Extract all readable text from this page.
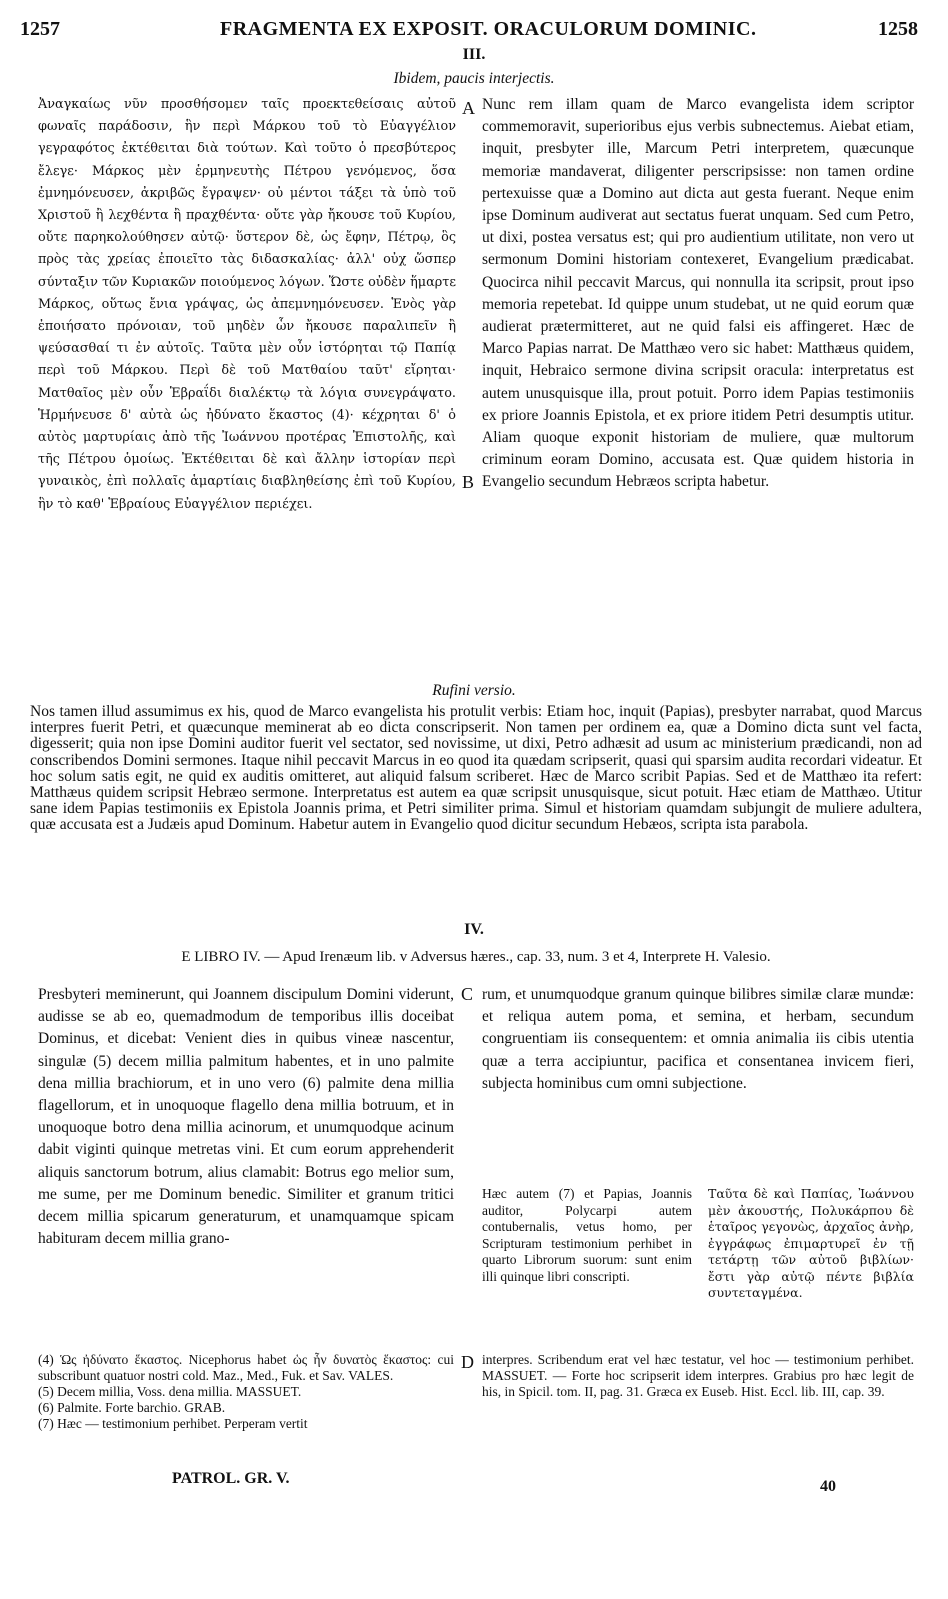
1257	FRAGMENTA EX EXPOSIT. ORACULORUM DOMINIC.	1258
III.
Ibidem, paucis interjectis.

Ἀναγκαίως νῦν προσθήσομεν ταῖς προεκτεθείσαις αὐτοῦ φωναῖς παράδοσιν, ἣν περὶ Μάρκου τοῦ τὸ Εὐαγγέλιον γεγραφότος ἐκτέθειται διὰ τούτων. Καὶ τοῦτο ὁ πρεσβύτερος ἔλεγε· Μάρκος μὲν ἑρμηνευτὴς Πέτρου γενόμενος, ὅσα ἐμνημόνευσεν, ἀκριβῶς ἔγραψεν· οὐ μέντοι τάξει τὰ ὑπὸ τοῦ Χριστοῦ ἢ λεχθέντα ἢ πραχθέντα· οὔτε γὰρ ἤκουσε τοῦ Κυρίου, οὔτε παρηκολούθησεν αὐτῷ· ὕστερον δὲ, ὡς ἔφην, Πέτρῳ, ὃς πρὸς τὰς χρείας ἐποιεῖτο τὰς διδασκαλίας· ἀλλ' οὐχ ὥσπερ σύνταξιν τῶν Κυριακῶν ποιούμενος λόγων. Ὥστε οὐδὲν ἥμαρτε Μάρκος, οὕτως ἔνια γράψας, ὡς ἀπεμνημόνευσεν. Ἑνὸς γὰρ ἐποιήσατο πρόνοιαν, τοῦ μηδὲν ὧν ἤκουσε παραλιπεῖν ἢ ψεύσασθαί τι ἐν αὐτοῖς. Ταῦτα μὲν οὖν ἱστόρηται τῷ Παπίᾳ περὶ τοῦ Μάρκου. Περὶ δὲ τοῦ Ματθαίου ταῦτ' εἴρηται· Ματθαῖος μὲν οὖν Ἑβραΐδι διαλέκτῳ τὰ λόγια συνεγράψατο. Ἡρμήνευσε δ' αὐτὰ ὡς ἠδύνατο ἕκαστος (4)· κέχρηται δ' ὁ αὐτὸς μαρτυρίαις ἀπὸ τῆς Ἰωάννου προτέρας Ἐπιστολῆς, καὶ τῆς Πέτρου ὁμοίως. Ἐκτέθειται δὲ καὶ ἄλλην ἱστορίαν περὶ γυναικὸς, ἐπὶ πολλαῖς ἁμαρτίαις διαβληθείσης ἐπὶ τοῦ Κυρίου, ἣν τὸ καθ' Ἑβραίους Εὐαγγέλιον περιέχει.

A
B

Nunc rem illam quam de Marco evangelista idem scriptor commemoravit, superioribus ejus verbis subnectemus. Aiebat etiam, inquit, presbyter ille, Marcum Petri interpretem, quæcunque memoriæ mandaverat, diligenter perscripsisse: non tamen ordine pertexuisse quæ a Domino aut dicta aut gesta fuerant. Neque enim ipse Dominum audiverat aut sectatus fuerat unquam. Sed cum Petro, ut dixi, postea versatus est; qui pro audientium utilitate, non vero ut sermonum Domini historiam contexeret, Evangelium prædicabat. Quocirca nihil peccavit Marcus, qui nonnulla ita scripsit, prout ipso memoria repetebat. Id quippe unum studebat, ut ne quid eorum quæ audierat prætermitteret, aut ne quid falsi eis affingeret. Hæc de Marco Papias narrat. De Matthæo vero sic habet: Matthæus quidem, inquit, Hebraico sermone divina scripsit oracula: interpretatus est autem unusquisque illa, prout potuit. Porro idem Papias testimoniis ex priore Joannis Epistola, et ex priore itidem Petri desumptis utitur. Aliam quoque exponit historiam de muliere, quæ multorum criminum eoram Domino, accusata est. Quæ quidem historia in Evangelio secundum Hebræos scripta habetur.

Rufini versio.
Nos tamen illud assumimus ex his, quod de Marco evangelista his protulit verbis: Etiam hoc, inquit (Papias), presbyter narrabat, quod Marcus interpres fuerit Petri, et quæcunque meminerat ab eo dicta conscripserit. Non tamen per ordinem ea, quæ a Domino dicta sunt vel facta, digesserit; quia non ipse Domini auditor fuerit vel sectator, sed novissime, ut dixi, Petro adhæsit ad usum ac ministerium prædicandi, non ad conscribendos Domini sermones. Itaque nihil peccavit Marcus in eo quod ita quædam scripserit, quasi qui sparsim audita recordari videatur. Et hoc solum satis egit, ne quid ex auditis omitteret, aut aliquid falsum scriberet. Hæc de Marco scribit Papias. Sed et de Matthæo ita refert: Matthæus quidem scripsit Hebræo sermone. Interpretatus est autem ea quæ scripsit unusquisque, sicut potuit. Hæc etiam de Matthæo. Utitur sane idem Papias testimoniis ex Epistola Joannis prima, et Petri similiter prima. Simul et historiam quamdam subjungit de muliere adultera, quæ accusata est a Judæis apud Dominum. Habetur autem in Evangelio quod dicitur secundum Hebæos, scripta ista parabola.
IV.
E LIBRO IV. — Apud Irenæum lib. v Adversus hæres., cap. 33, num. 3 et 4, Interprete H. Valesio.

Presbyteri meminerunt, qui Joannem discipulum Domini viderunt, audisse se ab eo, quemadmodum de temporibus illis doceibat Dominus, et dicebat: Venient dies in quibus vineæ nascentur, singulæ (5) decem millia palmitum habentes, et in uno palmite dena millia brachiorum, et in uno vero (6) palmite dena millia flagellorum, et in unoquoque flagello dena millia botruum, et in unoquoque botro dena millia acinorum, et unumquodque acinum dabit viginti quinque metretas vini. Et cum eorum apprehenderit aliquis sanctorum botrum, alius clamabit: Botrus ego melior sum, me sume, per me Dominum benedic. Similiter et granum tritici decem millia spicarum generaturum, et unamquamque spicam habituram decem millia grano-

C
D

rum, et unumquodque granum quinque bilibres similæ claræ mundæ: et reliqua autem poma, et semina, et herbam, secundum congruentiam iis consequentem: et omnia animalia iis cibis utentia quæ a terra accipiuntur, pacifica et consentanea invicem fieri, subjecta hominibus cum omni subjectione.

Hæc autem (7) et Papias, Joannis auditor, Polycarpi autem contubernalis, vetus homo, per Scripturam testimonium perhibet in quarto Librorum suorum: sunt enim illi quinque libri conscripti.

Ταῦτα δὲ καὶ Παπίας, Ἰωάννου μὲν ἀκουστής, Πολυκάρπου δὲ ἑταῖρος γεγονὼς, ἀρχαῖος ἀνὴρ, ἐγγράφως ἐπιμαρτυρεῖ ἐν τῇ τετάρτῃ τῶν αὐτοῦ βιβλίων· ἔστι γὰρ αὐτῷ πέντε βιβλία συντεταγμένα.

(4) Ὡς ἠδύνατο ἕκαστος. Nicephorus habet ὡς ἦν δυνατὸς ἕκαστος: cui subscribunt quatuor nostri cold. Maz., Med., Fuk. et Sav. VALES.

(5) Decem millia, Voss. dena millia. MASSUET.

(6) Palmite. Forte barchio. GRAB.

(7) Hæc — testimonium perhibet. Perperam vertit

interpres. Scribendum erat vel hæc testatur, vel hoc — testimonium perhibet. MASSUET. — Forte hoc scripserit idem interpres. Grabius pro hæc legit de his, in Spicil. tom. II, pag. 31. Græca ex Euseb. Hist. Eccl. lib. III, cap. 39.

PATROL. GR. V.	40
